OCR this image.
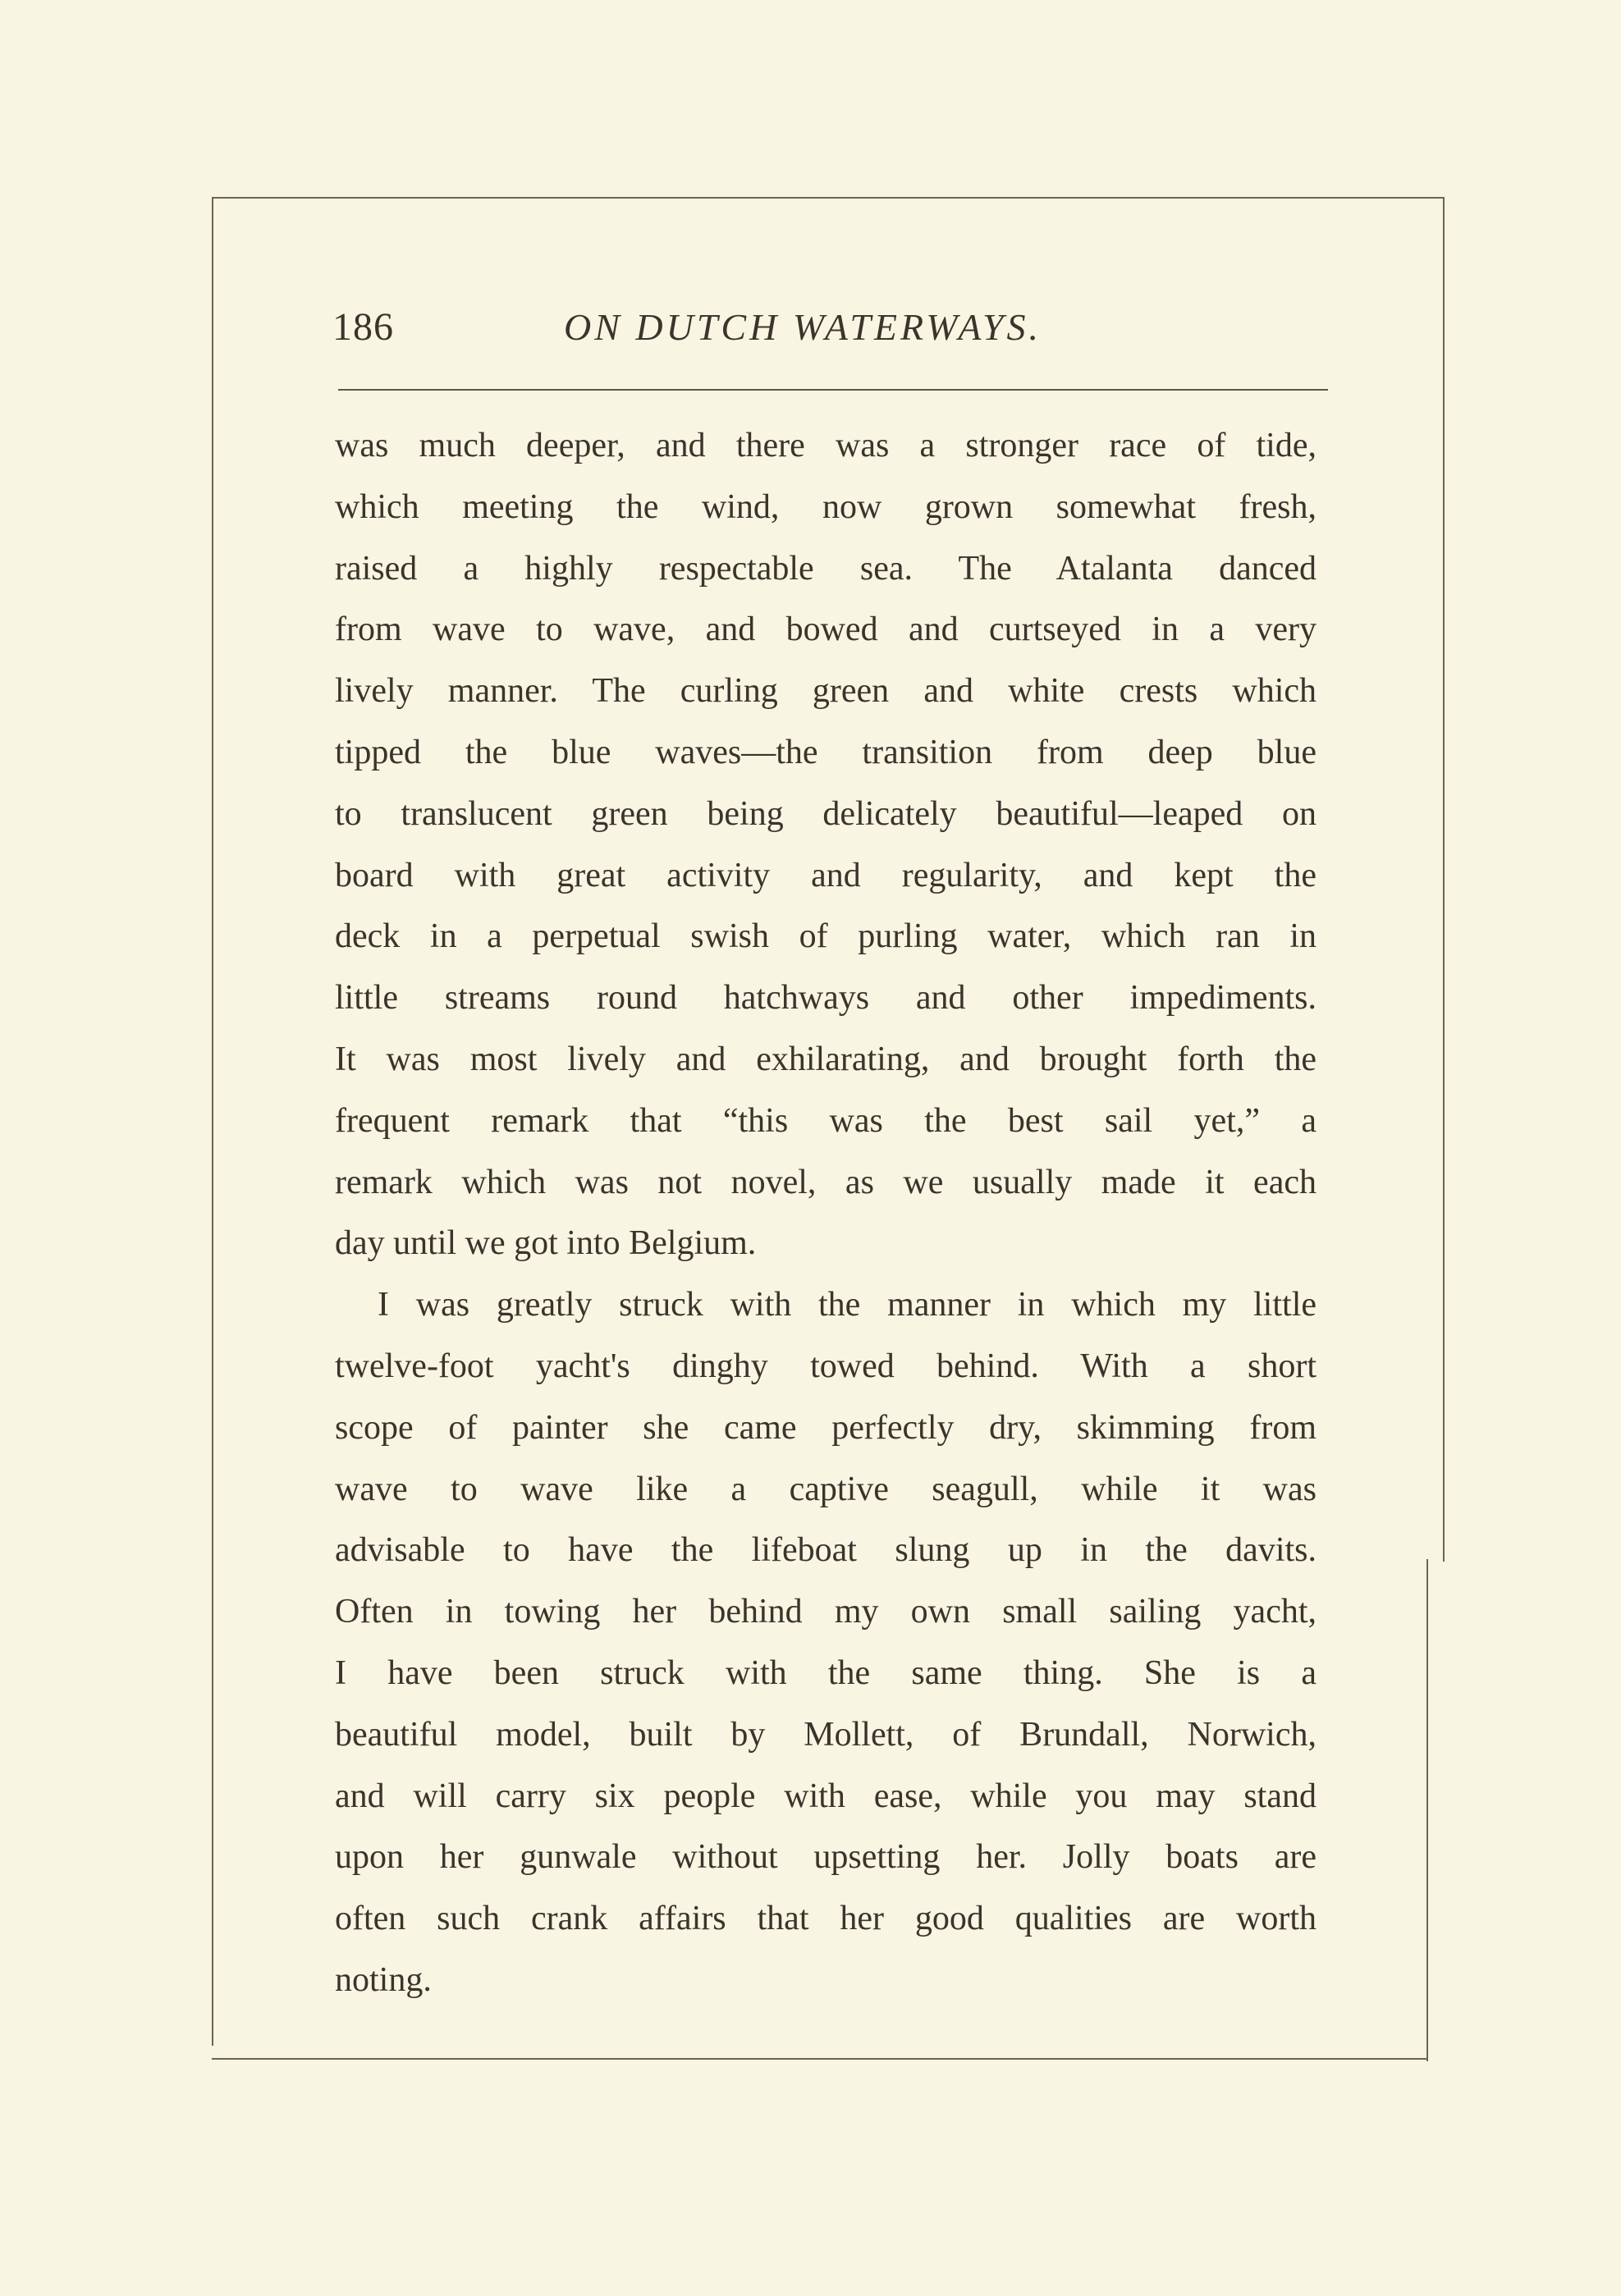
186	ON DUTCH WATERWAYS.
was much deeper, and there was a stronger race of tide,
which meeting the wind, now grown somewhat fresh,
raised a highly respectable sea. The Atalanta danced
from wave to wave, and bowed and curtseyed in a very
lively manner. The curling green and white crests which
tipped the blue waves—the transition from deep blue
to translucent green being delicately beautiful—leaped on
board with great activity and regularity, and kept the
deck in a perpetual swish of purling water, which ran in
little streams round hatchways and other impediments.
It was most lively and exhilarating, and brought forth the
frequent remark that “this was the best sail yet,” a
remark which was not novel, as we usually made it each
day until we got into Belgium.
I was greatly struck with the manner in which my little
twelve-foot yacht's dinghy towed behind. With a short
scope of painter she came perfectly dry, skimming from
wave to wave like a captive seagull, while it was
advisable to have the lifeboat slung up in the davits.
Often in towing her behind my own small sailing yacht,
I have been struck with the same thing. She is a
beautiful model, built by Mollett, of Brundall, Norwich,
and will carry six people with ease, while you may stand
upon her gunwale without upsetting her. Jolly boats are
often such crank affairs that her good qualities are worth
noting.
